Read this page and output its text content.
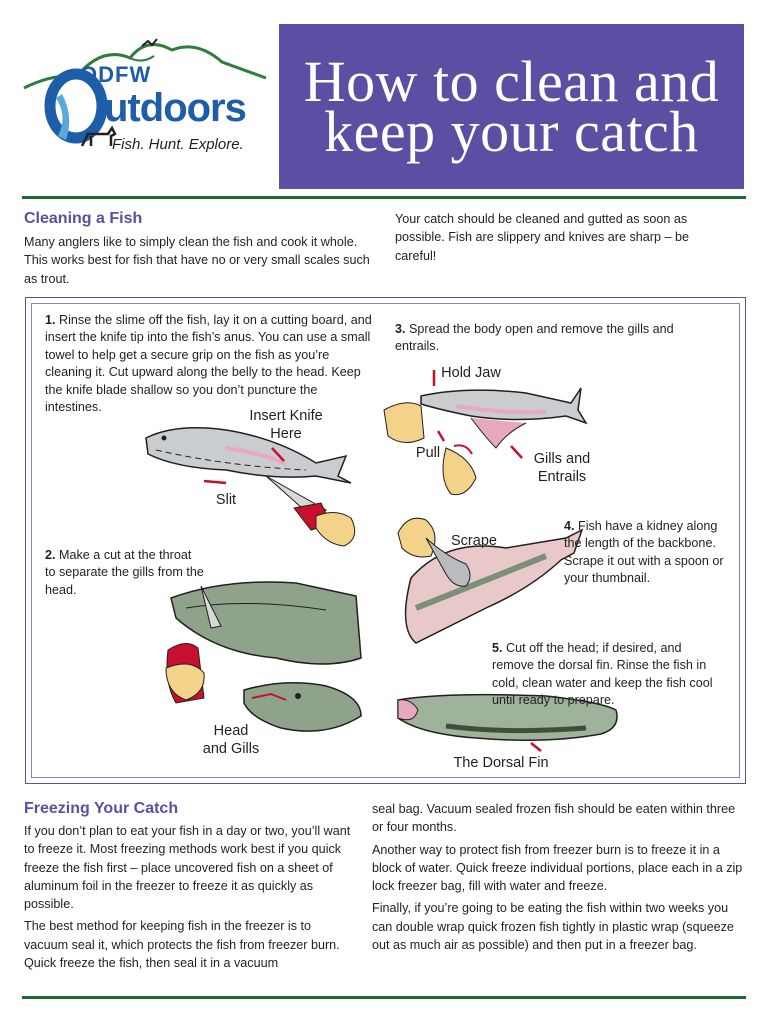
ODFW
utdoors
Fish. Hunt. Explore.
How to clean and
keep your catch
Cleaning a Fish
Many anglers like to simply clean the fish and cook it whole. This works best for fish that have no or very small scales such as trout.
Your catch should be cleaned and gutted as soon as possible. Fish are slippery and knives are sharp – be careful!
1. Rinse the slime off the fish, lay it on a cutting board, and insert the knife tip into the fish’s anus. You can use a small towel to help get a secure grip on the fish as you’re cleaning it. Cut upward along the belly to the head. Keep the knife blade shallow so you don’t puncture the intestines.
2. Make a cut at the throat to separate the gills from the head.
3. Spread the body open and remove the gills and entrails.
4. Fish have a kidney along the length of the backbone. Scrape it out with a spoon or your thumbnail.
5. Cut off the head; if desired, and remove the dorsal fin. Rinse the fish in cold, clean water and keep the fish cool until ready to prepare.
Insert Knife
Here
Slit
Hold Jaw
Pull	Gills and
Entrails
Scrape
Head
and Gills
The Dorsal Fin
Freezing Your Catch

If you don’t plan to eat your fish in a day or two, you’ll want to freeze it. Most freezing methods work best if you quick freeze the fish first – place uncovered fish on a sheet of aluminum foil in the freezer to freeze it as quickly as possible.

The best method for keeping fish in the freezer is to vacuum seal it, which protects the fish from freezer burn. Quick freeze the fish, then seal it in a vacuum

seal bag. Vacuum sealed frozen fish should be eaten within three or four months.

Another way to protect fish from freezer burn is to freeze it in a block of water. Quick freeze individual portions, place each in a zip lock freezer bag, fill with water and freeze.

Finally, if you’re going to be eating the fish within two weeks you can double wrap quick frozen fish tightly in plastic wrap (squeeze out as much air as possible) and then put in a freezer bag.
